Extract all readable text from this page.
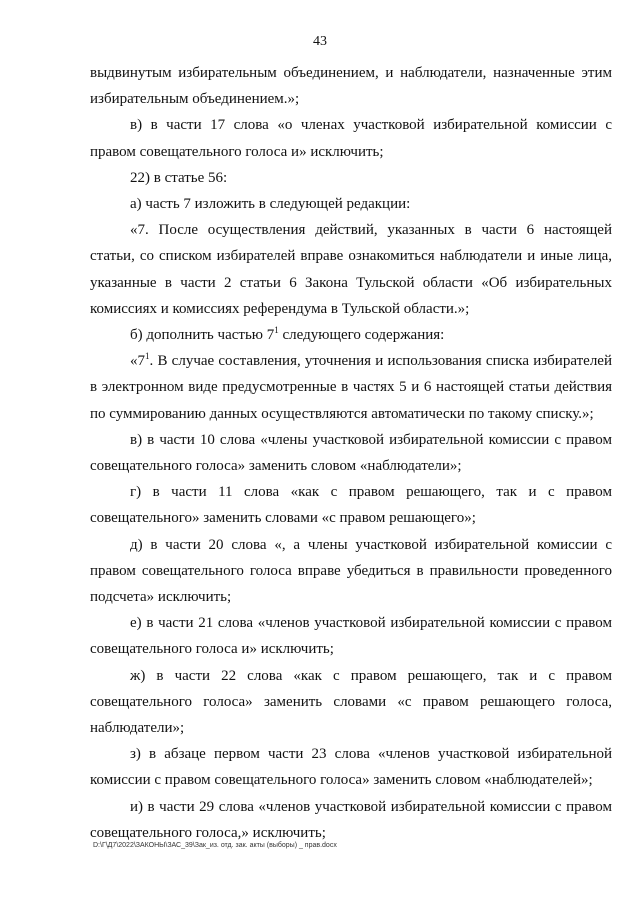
43

выдвинутым избирательным объединением, и наблюдатели, назначенные этим избирательным объединением.»;

в) в части 17 слова «о членах участковой избирательной комиссии с правом совещательного голоса и» исключить;

22) в статье 56:

а) часть 7 изложить в следующей редакции:

«7. После осуществления действий, указанных в части 6 настоящей статьи, со списком избирателей вправе ознакомиться наблюдатели и иные лица, указанные в части 2 статьи 6 Закона Тульской области «Об избирательных комиссиях и комиссиях референдума в Тульской области.»;

б) дополнить частью $7^1$ следующего содержания:

«$7^1$. В случае составления, уточнения и использования списка избирателей в электронном виде предусмотренные в частях 5 и 6 настоящей статьи действия по суммированию данных осуществляются автоматически по такому списку.»;

в) в части 10 слова «члены участковой избирательной комиссии с правом совещательного голоса» заменить словом «наблюдатели»;

г) в части 11 слова «как с правом решающего, так и с правом совещательного» заменить словами «с правом решающего»;

д) в части 20 слова «, а члены участковой избирательной комиссии с правом совещательного голоса вправе убедиться в правильности проведенного подсчета» исключить;

е) в части 21 слова «членов участковой избирательной комиссии с правом совещательного голоса и» исключить;

ж) в части 22 слова «как с правом решающего, так и с правом совещательного голоса» заменить словами «с правом решающего голоса, наблюдатели»;

з) в абзаце первом части 23 слова «членов участковой избирательной комиссии с правом совещательного голоса» заменить словом «наблюдателей»;

и) в части 29 слова «членов участковой избирательной комиссии с правом совещательного голоса,» исключить;

D:\Г\Д7\2022\ЗАКОНЫ\ЗАС_39\Зак_из. отд. зак. акты (выборы) _ прав.docx
